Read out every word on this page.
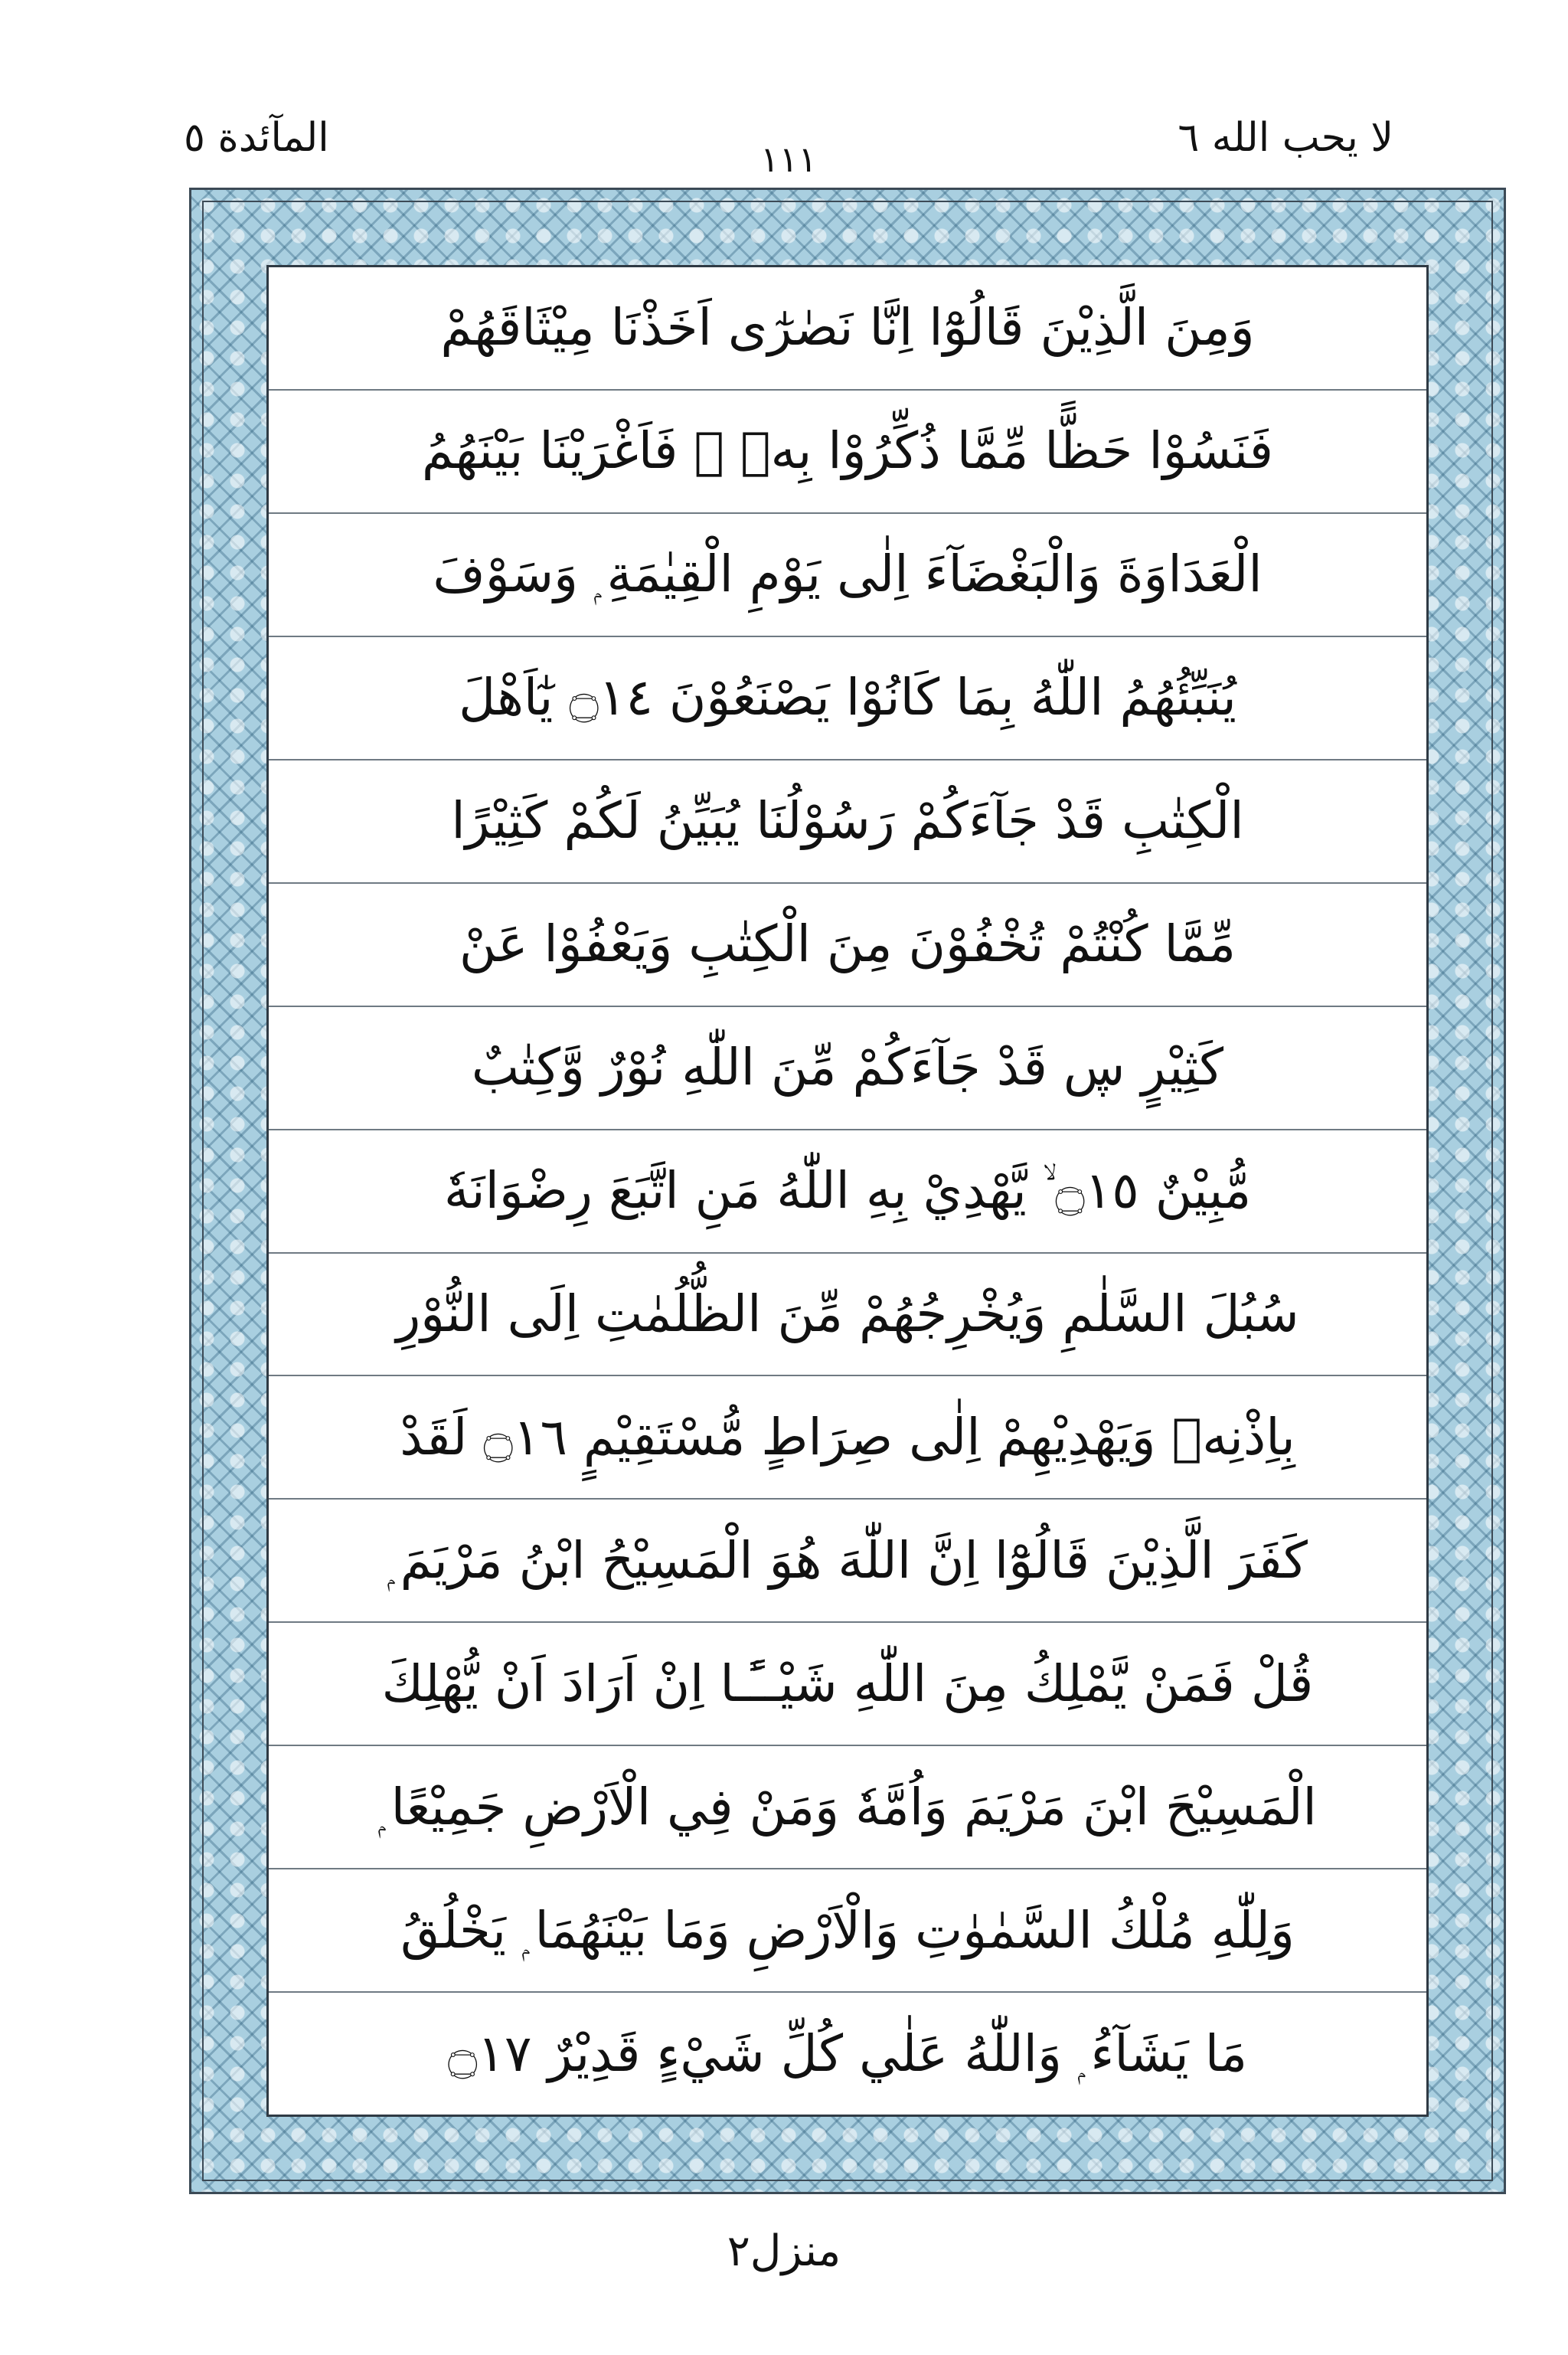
لا يحب الله ٦
١١١
المآئدة ٥
وَمِنَ الَّذِيْنَ قَالُوْٓا اِنَّا نَصٰرٰٓى اَخَذْنَا مِيْثَاقَهُمْ
فَنَسُوْا حَظًّا مِّمَّا ذُكِّرُوْا بِهٖ ۚ فَاَغْرَيْنَا بَيْنَهُمُ
الْعَدَاوَةَ وَالْبَغْضَآءَ اِلٰى يَوْمِ الْقِيٰمَةِ ۭ وَسَوْفَ
يُنَبِّئُهُمُ اللّٰهُ بِمَا كَانُوْا يَصْنَعُوْنَ ۝١٤ يٰٓاَهْلَ
الْكِتٰبِ قَدْ جَآءَكُمْ رَسُوْلُنَا يُبَيِّنُ لَكُمْ كَثِيْرًا
مِّمَّا كُنْتُمْ تُخْفُوْنَ مِنَ الْكِتٰبِ وَيَعْفُوْا عَنْ
كَثِيْرٍ ڛ قَدْ جَآءَكُمْ مِّنَ اللّٰهِ نُوْرٌ وَّكِتٰبٌ
مُّبِيْنٌ ۝١٥ ۙ يَّهْدِيْ بِهِ اللّٰهُ مَنِ اتَّبَعَ رِضْوَانَهٗ
سُبُلَ السَّلٰمِ وَيُخْرِجُهُمْ مِّنَ الظُّلُمٰتِ اِلَى النُّوْرِ
بِاِذْنِهٖ وَيَهْدِيْهِمْ اِلٰى صِرَاطٍ مُّسْتَقِيْمٍ ۝١٦ لَقَدْ
كَفَرَ الَّذِيْنَ قَالُوْٓا اِنَّ اللّٰهَ هُوَ الْمَسِيْحُ ابْنُ مَرْيَمَ ۭ
قُلْ فَمَنْ يَّمْلِكُ مِنَ اللّٰهِ شَيْــًٔـا اِنْ اَرَادَ اَنْ يُّهْلِكَ
الْمَسِيْحَ ابْنَ مَرْيَمَ وَاُمَّهٗ وَمَنْ فِي الْاَرْضِ جَمِيْعًا ۭ
وَلِلّٰهِ مُلْكُ السَّمٰوٰتِ وَالْاَرْضِ وَمَا بَيْنَهُمَا ۭ يَخْلُقُ
مَا يَشَآءُ ۭ وَاللّٰهُ عَلٰي كُلِّ شَيْءٍ قَدِيْرٌ ۝١٧
منزل۲
